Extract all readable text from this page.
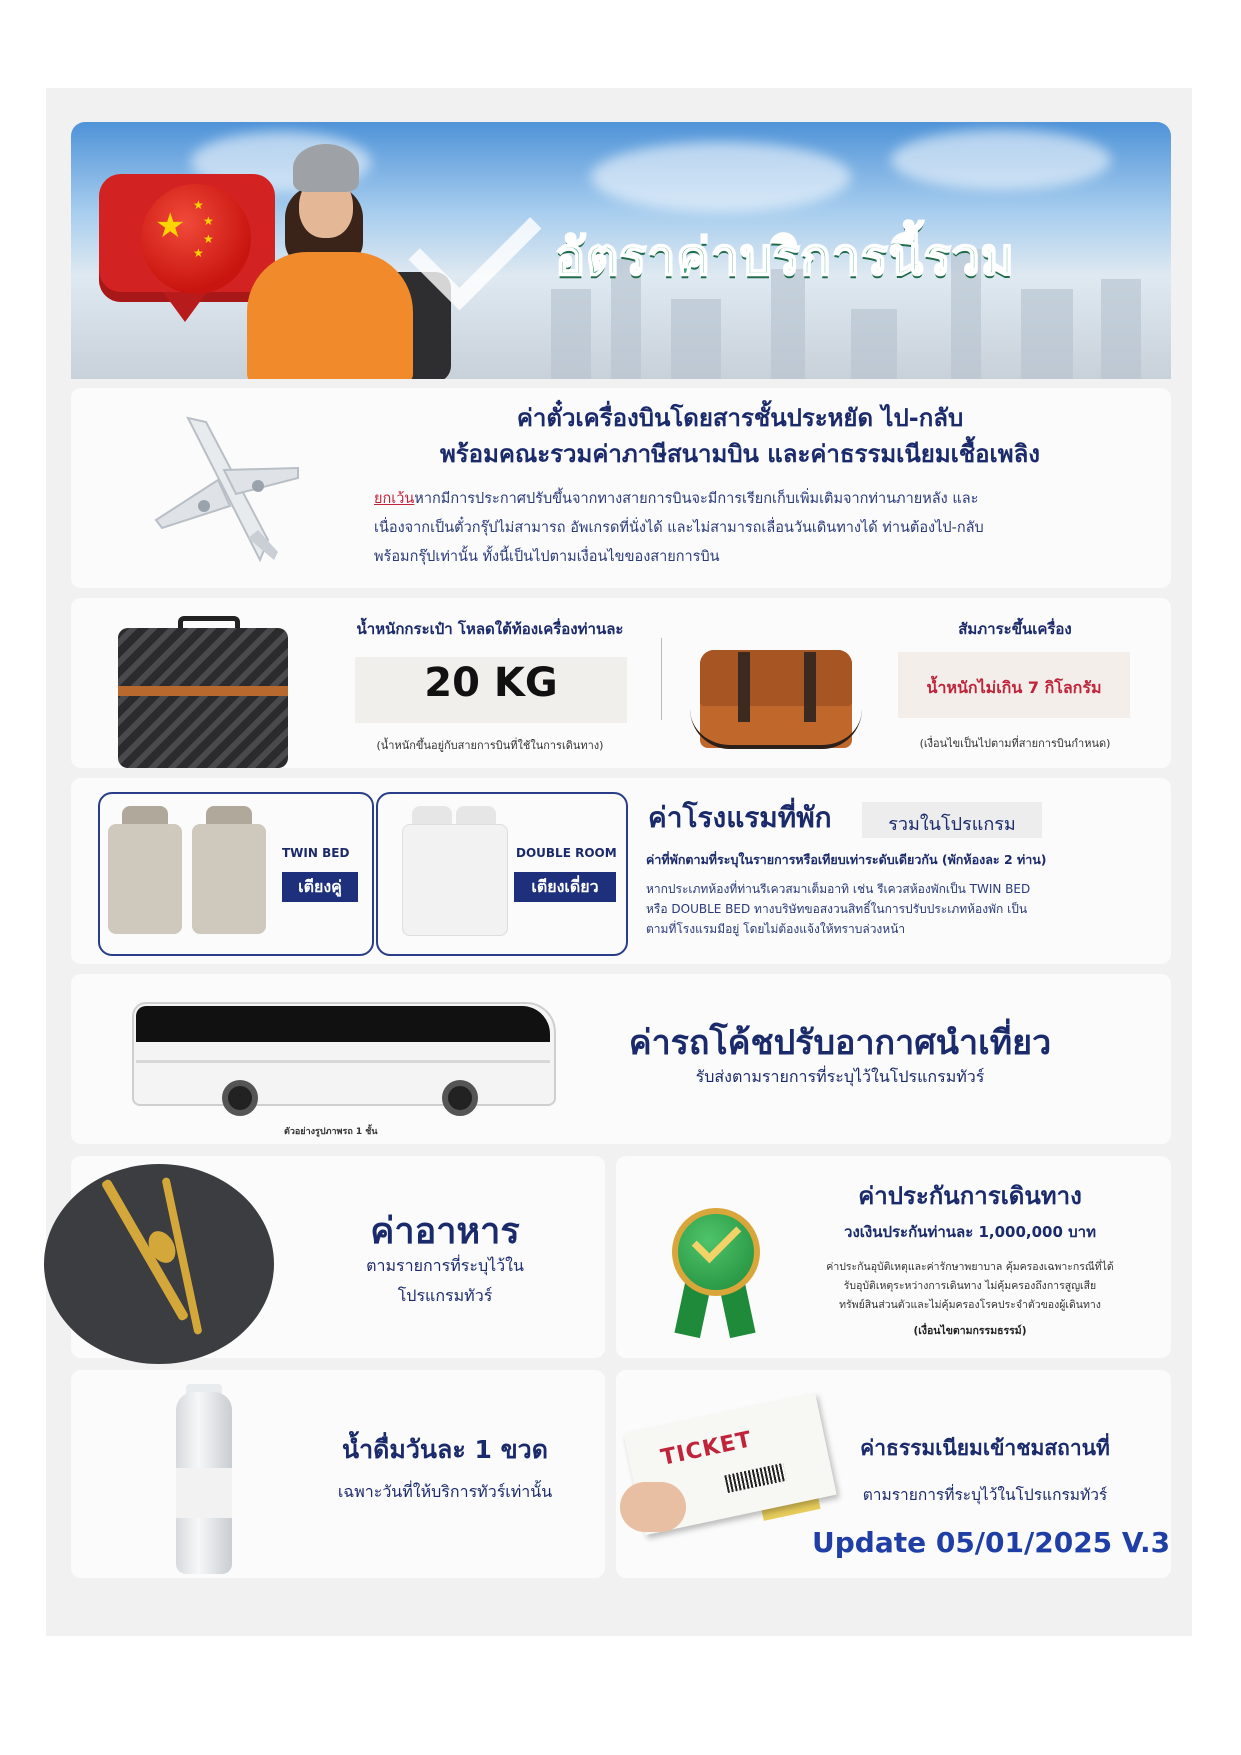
★
★
★
★
★	อัตราค่าบริการนี้รวม
ค่าตั๋วเครื่องบินโดยสารชั้นประหยัด ไป-กลับ
พร้อมคณะรวมค่าภาษีสนามบิน และค่าธรรมเนียมเชื้อเพลิง
ยกเว้นหากมีการประกาศปรับขึ้นจากทางสายการบินจะมีการเรียกเก็บเพิ่มเติมจากท่านภายหลัง และ
เนื่องจากเป็นตั๋วกรุ๊ปไม่สามารถ อัพเกรดที่นั่งได้ และไม่สามารถเลื่อนวันเดินทางได้ ท่านต้องไป-กลับ
พร้อมกรุ๊ปเท่านั้น ทั้งนี้เป็นไปตามเงื่อนไขของสายการบิน
น้ำหนักกระเป๋า โหลดใต้ท้องเครื่องท่านละ
20 KG
(น้ำหนักขึ้นอยู่กับสายการบินที่ใช้ในการเดินทาง)
สัมภาระขึ้นเครื่อง
น้ำหนักไม่เกิน 7 กิโลกรัม
(เงื่อนไขเป็นไปตามที่สายการบินกำหนด)
TWIN BED
เตียงคู่
DOUBLE ROOM
เตียงเดี่ยว
ค่าโรงแรมที่พัก	รวมในโปรแกรม
ค่าที่พักตามที่ระบุในรายการหรือเทียบเท่าระดับเดียวกัน (พักห้องละ 2 ท่าน)
หากประเภทห้องที่ท่านรีเควสมาเต็มอาทิ เช่น รีเควสห้องพักเป็น TWIN BED
หรือ DOUBLE BED ทางบริษัทขอสงวนสิทธิ์ในการปรับประเภทห้องพัก เป็น
ตามที่โรงแรมมีอยู่ โดยไม่ต้องแจ้งให้ทราบล่วงหน้า
ตัวอย่างรูปภาพรถ 1 ชั้น
ค่ารถโค้ชปรับอากาศนำเที่ยว
รับส่งตามรายการที่ระบุไว้ในโปรแกรมทัวร์
ค่าอาหาร
ตามรายการที่ระบุไว้ใน
โปรแกรมทัวร์
ค่าประกันการเดินทาง
วงเงินประกันท่านละ 1,000,000 บาท
ค่าประกันอุบัติเหตุและค่ารักษาพยาบาล คุ้มครองเฉพาะกรณีที่ได้
รับอุบัติเหตุระหว่างการเดินทาง ไม่คุ้มครองถึงการสูญเสีย
ทรัพย์สินส่วนตัวและไม่คุ้มครองโรคประจำตัวของผู้เดินทาง
(เงื่อนไขตามกรรมธรรม์)
น้ำดื่มวันละ 1 ขวด
เฉพาะวันที่ให้บริการทัวร์เท่านั้น
TICKET	ค่าธรรมเนียมเข้าชมสถานที่
ตามรายการที่ระบุไว้ในโปรแกรมทัวร์
Update 05/01/2025 V.3
